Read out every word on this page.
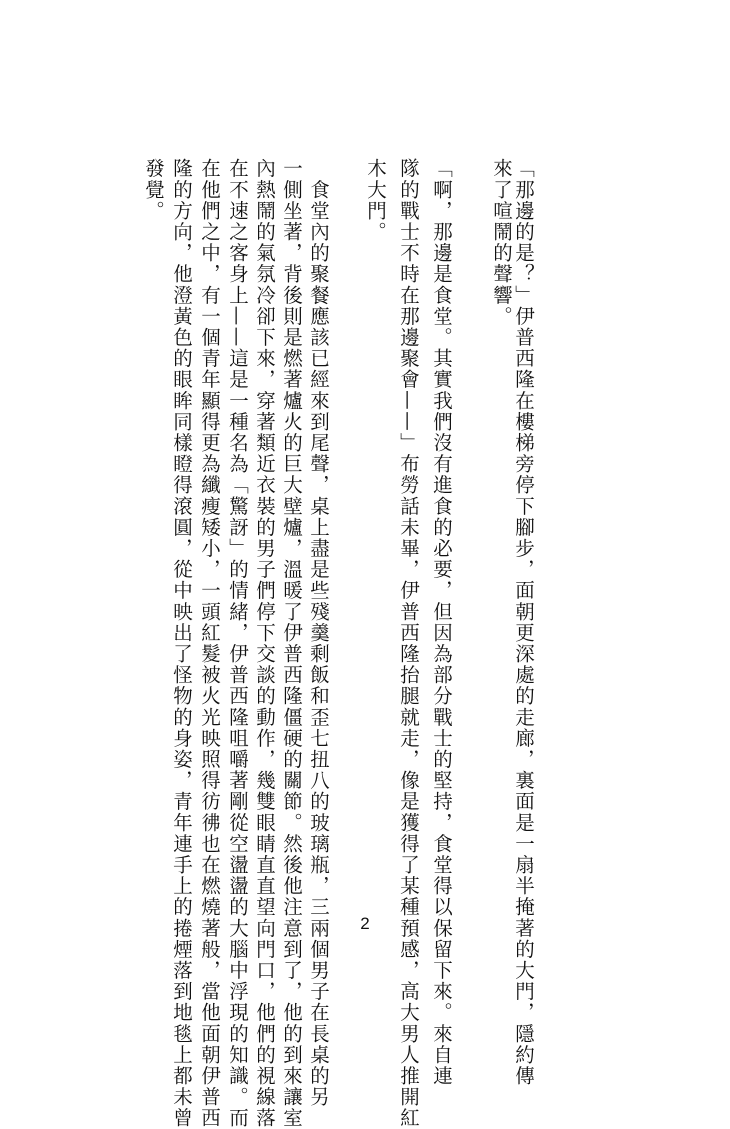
「那邊的是？」伊普西隆在樓梯旁停下腳步，面朝更深處的走廊，裏面是一扇半掩著的大門，隱約傳
來了喧鬧的聲響。
「啊，那邊是食堂。其實我們沒有進食的必要，但因為部分戰士的堅持，食堂得以保留下來。來自連
隊的戰士不時在那邊聚會——」布勞話未畢，伊普西隆抬腿就走，像是獲得了某種預感，高大男人推開紅
木大門。
　食堂內的聚餐應該已經來到尾聲，桌上盡是些殘羹剩飯和歪七扭八的玻璃瓶，三兩個男子在長桌的另
一側坐著，背後則是燃著爐火的巨大壁爐，溫暖了伊普西隆僵硬的關節。然後他注意到了，他的到來讓室
內熱鬧的氣氛冷卻下來，穿著類近衣裝的男子們停下交談的動作，幾雙眼睛直直望向門口，他們的視線落
在不速之客身上——這是一種名為「驚訝」的情緒，伊普西隆咀嚼著剛從空盪盪的大腦中浮現的知識。而
在他們之中，有一個青年顯得更為纖瘦矮小，一頭紅髮被火光映照得彷彿也在燃燒著般，當他面朝伊普西
隆的方向，他澄黃色的眼眸同樣瞪得滾圓，從中映出了怪物的身姿，青年連手上的捲煙落到地毯上都未曾
發覺。
2
